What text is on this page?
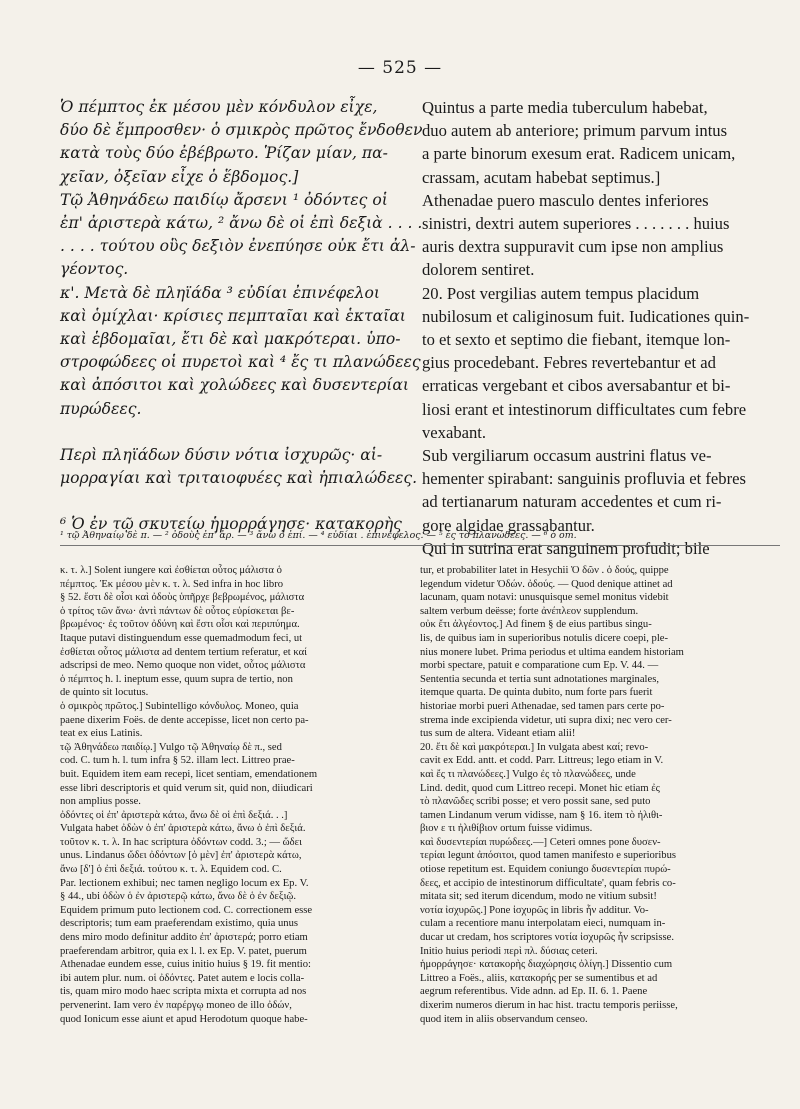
— 525 —

Ὁ πέμπτος ἐκ μέσου μὲν κόνδυλον εἶχε,

δύο δὲ ἔμπροσθεν· ὁ σμικρὸς πρῶτος ἔνδοθεν

κατὰ τοὺς δύο ἐβέβρωτο. Ῥίζαν μίαν, πα-

χεῖαν, ὀξεῖαν εἶχε ὁ ἕβδομος.]

Τῷ Ἀθηνάδεω παιδίῳ ἄρσενι ¹ ὀδόντες οἱ

ἐπ' ἀριστερὰ κάτω, ² ἄνω δὲ οἱ ἐπὶ δεξιὰ . . . .

. . . . τούτου οὓς δεξιὸν ἐνεπύησε οὐκ ἔτι ἀλ-

γέοντος.

κ'. Μετὰ δὲ πληϊάδα ³ εὐδίαι ἐπινέφελοι

καὶ ὁμίχλαι· κρίσιες πεμπταῖαι καὶ ἑκταῖαι

καὶ ἑβδομαῖαι, ἔτι δὲ καὶ μακρότεραι. ὑπο-

στροφώδεες οἱ πυρετοὶ καὶ ⁴ ἔς τι πλανώδεες

καὶ ἀπόσιτοι καὶ χολώδεες καὶ δυσεντερίαι

πυρώδεες.

Περὶ πληϊάδων δύσιν νότια ἰσχυρῶς· αἱ-

μορραγίαι καὶ τριταιοφυέες καὶ ἠπιαλώδεες.

⁶ Ὁ ἐν τῷ σκυτείῳ ἡμορράγησε· κατακορὴς

Quintus a parte media tuberculum habebat,

duo autem ab anteriore; primum parvum intus

a parte binorum exesum erat. Radicem unicam,

crassam, acutam habebat septimus.]

Athenadae puero masculo dentes inferiores

sinistri, dextri autem superiores . . . . . . . huius

auris dextra suppuravit cum ipse non amplius

dolorem sentiret.

20. Post vergilias autem tempus placidum

nubilosum et caliginosum fuit. Iudicationes quin-

to et sexto et septimo die fiebant, itemque lon-

gius procedebant. Febres revertebantur et ad

erraticas vergebant et cibos aversabantur et bi-

liosi erant et intestinorum difficultates cum febre

vexabant.

Sub vergiliarum occasum austrini flatus ve-

hementer spirabant: sanguinis profluvia et febres

ad tertianarum naturam accedentes et cum ri-

gore algidae grassabantur.

Qui in sutrina erat sanguinem profudit; bile

¹ τῷ Ἀθηναίῳ δὲ π. — ² ὀδοὺς ἐπ' ἀρ. — ³ ἄνω ὁ ἐπί. — ⁴ εὐδίαι . ἐπινέφελος. — ⁵ ἐς τὸ πλανώδεες. — ⁶ ὁ om.

κ. τ. λ.] Solent iungere καὶ ἐσθίεται οὗτος μάλιστα ὁ

πέμπτος. Ἐκ μέσου μὲν κ. τ. λ. Sed infra in hoc libro

§ 52. ἔστι δὲ οἷσι καὶ ὀδοὺς ὑπῆρχε βεβρωμένος, μάλιστα

ὁ τρίτος τῶν ἄνω· ἀντὶ πάντων δὲ οὗτος εὑρίσκεται βε-

βρωμένος· ἐς τοῦτον ὀδύνη καὶ ἔστι οἷσι καὶ περιπύημα.

Itaque putavi distinguendum esse quemadmodum feci, ut

ἐσθίεται οὗτος μάλιστα ad dentem tertium referatur, et καί

adscripsi de meo. Nemo quoque non videt, οὗτος μάλιστα

ὁ πέμπτος h. l. ineptum esse, quum supra de tertio, non

de quinto sit locutus.

ὁ σμικρὸς πρῶτος.] Subintelligo κόνδυλος. Moneo, quia

paene dixerim Foës. de dente accepisse, licet non certo pa-

teat ex eius Latinis.

τῷ Ἀθηνάδεω παιδίῳ.] Vulgo τῷ Ἀθηναίῳ δὲ π., sed

cod. C. tum h. l. tum infra § 52. illam lect. Littreo prae-

buit. Equidem item eam recepi, licet sentiam, emendationem

esse libri descriptoris et quid verum sit, quid non, diiudicari

non amplius posse.

ὀδόντες οἱ ἐπ' ἀριστερὰ κάτω, ἄνω δὲ οἱ ἐπὶ δεξιά. . .]

Vulgata habet ὀδὼν ὁ ἐπ' ἀριστερὰ κάτω, ἄνω ὁ ἐπὶ δεξιά.

τοῦτον κ. τ. λ. In hac scriptura ὀδόντων codd. 3.; — ὥδει

unus. Lindanus ὤδει ὀδόντων [ὁ μὲν] ἐπ' ἀριστερὰ κάτω,

ἄνω [δ'] ὁ ἐπὶ δεξιά. τούτου κ. τ. λ. Equidem cod. C.

Par. lectionem exhibui; nec tamen negligo locum ex Ep. V.

§ 44., ubi ὀδὼν ὁ ἐν ἀριστερῷ κάτω, ἄνω δὲ ὁ ἐν δεξιῷ.

Equidem primum puto lectionem cod. C. correctionem esse

descriptoris; tum eam praeferendam existimo, quia unus

dens miro modo definitur addito ἐπ' ἀριστερά; porro etiam

praeferendam arbitror, quia ex l. l. ex Ep. V. patet, puerum

Athenadae eundem esse, cuius initio huius § 19. fit mentio:

ibi autem plur. num. οἱ ὀδόντες. Patet autem e locis colla-

tis, quam miro modo haec scripta mixta et corrupta ad nos

pervenerint. Iam vero ἐν παρέργῳ moneo de illo ὀδών,

quod Ionicum esse aiunt et apud Herodotum quoque habe-

tur, et probabiliter latet in Hesychii Ὁ δῶν . ὁ δούς, quippe

legendum videtur Ὀδών. ὀδούς. — Quod denique attinet ad

lacunam, quam notavi: unusquisque semel monitus videbit

saltem verbum deësse; forte ἀνέπλεον supplendum.

οὐκ ἔτι ἀλγέοντος.] Ad finem § de eius partibus singu-

lis, de quibus iam in superioribus notulis dicere coepi, ple-

nius monere lubet. Prima periodus et ultima eandem historiam

morbi spectare, patuit e comparatione cum Ep. V. 44. —

Sententia secunda et tertia sunt adnotationes marginales,

itemque quarta. De quinta dubito, num forte pars fuerit

historiae morbi pueri Athenadae, sed tamen pars certe po-

strema inde excipienda videtur, uti supra dixi; nec vero cer-

tus sum de altera. Videant etiam alii!

20. ἔτι δὲ καὶ μακρότεραι.] In vulgata abest καί; revo-

cavit ex Edd. antt. et codd. Parr. Littreus; lego etiam in V.

καὶ ἔς τι πλανώδεες.] Vulgo ἐς τὸ πλανώδεες, unde

Lind. dedit, quod cum Littreo recepi. Monet hic etiam ἐς

τὸ πλανῶδες scribi posse; et vero possit sane, sed puto

tamen Lindanum verum vidisse, nam § 16. item τὸ ἠλιθι-

βιον ε τι ἠλιθίβιον ortum fuisse vidimus.

καὶ δυσεντερίαι πυρώδεες.—] Ceteri omnes pone δυσεν-

τερίαι legunt ἀπόσιτοι, quod tamen manifesto e superioribus

otiose repetitum est. Equidem coniungo δυσεντερίαι πυρώ-

δεες, et accipio de intestinorum difficultate', quam febris co-

mitata sit; sed iterum dicendum, modo ne vitium subsit!

νοτία ἰσχυρῶς.] Pone ἰσχυρῶς in libris ἦν additur. Vo-

culam a recentiore manu interpolatam eieci, numquam in-

ducar ut credam, hos scriptores νοτία ἰσχυρῶς ἦν scripsisse.

Initio huius periodi περὶ πλ. δύσιας ceteri.

ἡμορράγησε· κατακορὴς διαχώρησις ὀλίγη.] Dissentio cum

Littreo a Foës., aliis, κατακορής per se sumentibus et ad

aegrum referentibus. Vide adnn. ad Ep. II. 6. 1. Paene

dixerim numeros dierum in hac hist. tractu temporis periisse,

quod item in aliis observandum censeo.
